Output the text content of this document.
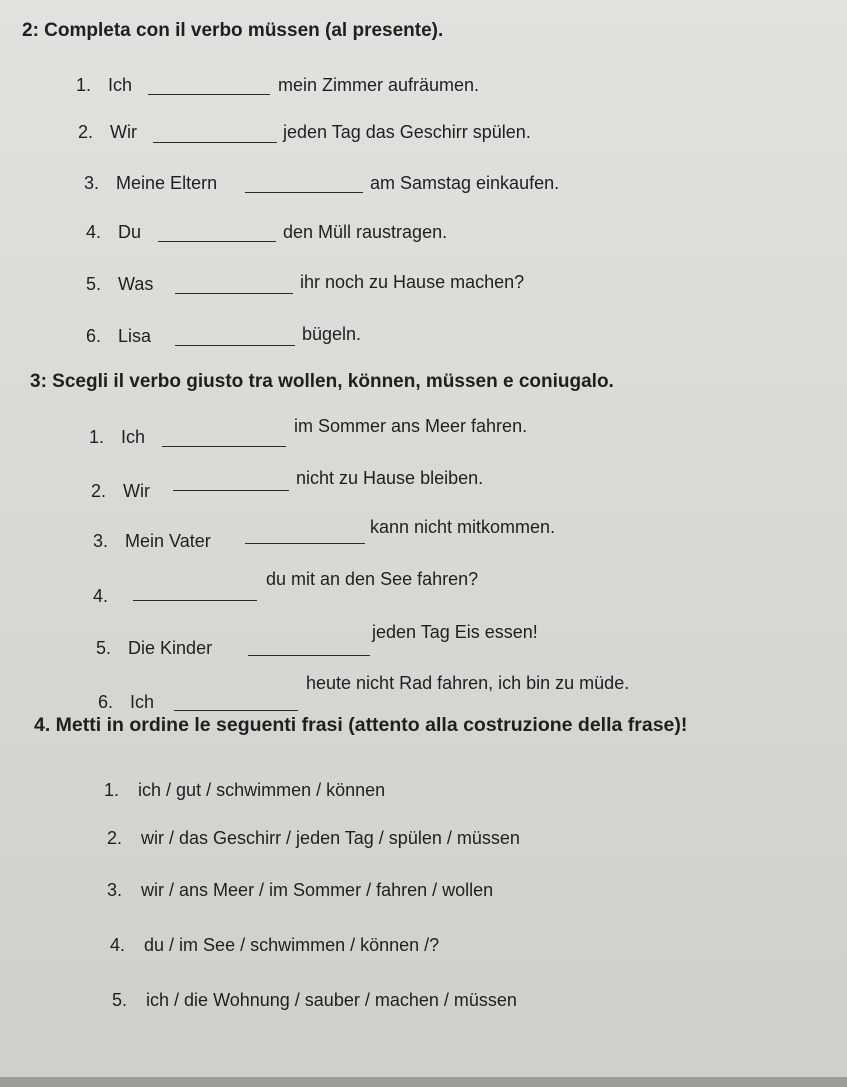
2: Completa con il verbo müssen (al presente).
1. Ich	mein Zimmer aufräumen.
2. Wir	jeden Tag das Geschirr spülen.
3. Meine Eltern	am Samstag einkaufen.
4. Du	den Müll raustragen.
5. Was	ihr noch zu Hause machen?
6. Lisa	bügeln.
3: Scegli il verbo giusto tra wollen, können, müssen e coniugalo.
1. Ich
im Sommer ans Meer fahren.
2. Wir
nicht zu Hause bleiben.
3. Mein Vater
kann nicht mitkommen.
4.
du mit an den See fahren?
5. Die Kinder
jeden Tag Eis essen!
6. Ich
heute nicht Rad fahren, ich bin zu müde.
4. Metti in ordine le seguenti frasi (attento alla costruzione della frase)!
1. ich / gut / schwimmen / können
2. wir / das Geschirr / jeden Tag / spülen / müssen
3. wir / ans Meer / im Sommer / fahren / wollen
4. du / im See / schwimmen / können /?
5. ich / die Wohnung / sauber / machen / müssen
